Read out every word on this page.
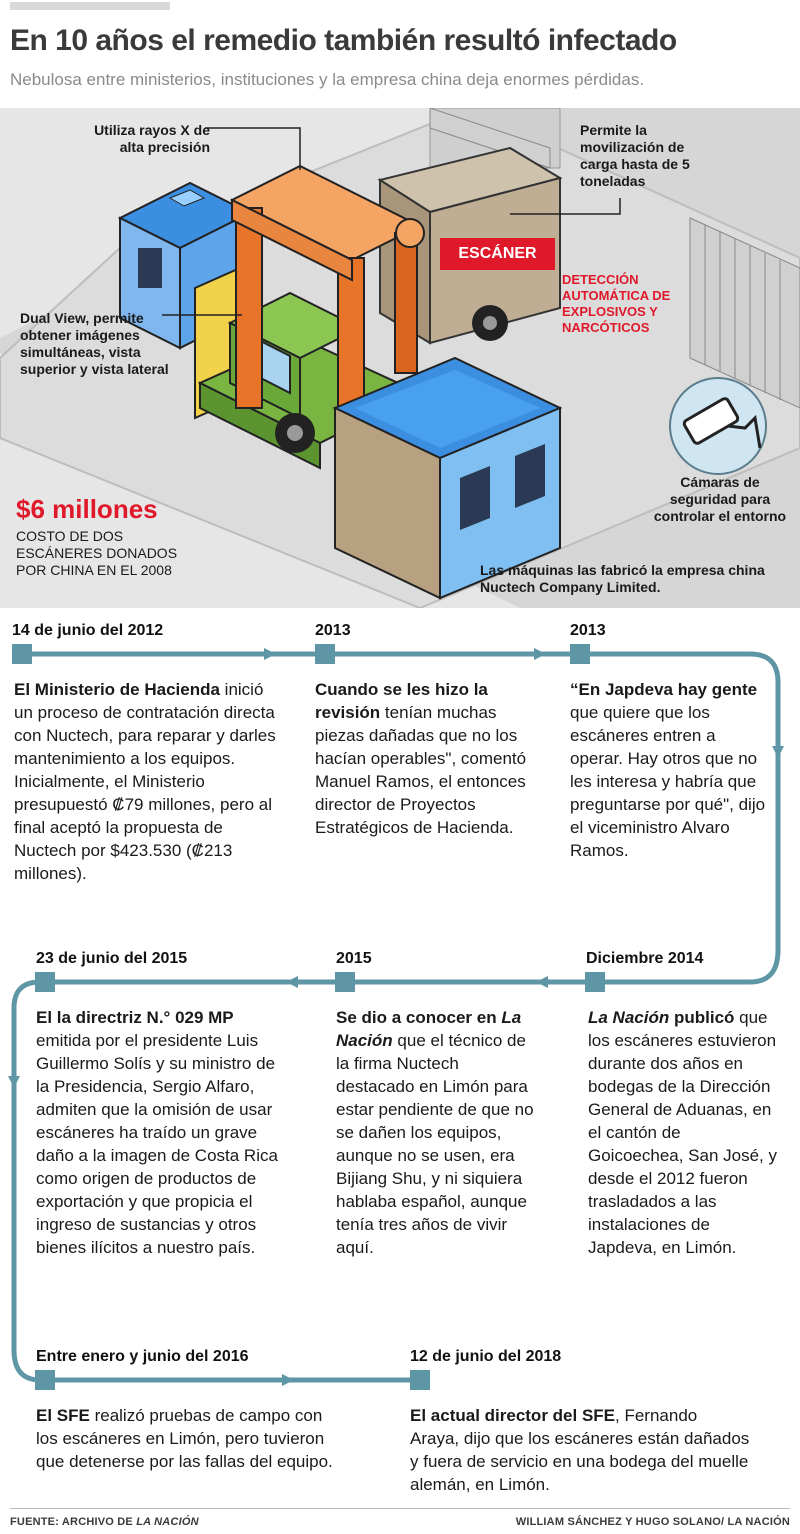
En 10 años el remedio también resultó infectado

Nebulosa entre ministerios, instituciones y la empresa china deja enormes pérdidas.

Utiliza rayos X de alta precisión
Permite la movilización de carga hasta de 5 toneladas
ESCÁNER
DETECCIÓN AUTOMÁTICA DE EXPLOSIVOS Y NARCÓTICOS
Dual View, permite obtener imágenes simultáneas, vista superior y vista lateral
Cámaras de seguridad para controlar el entorno
$6 millones
COSTO DE DOS ESCÁNERES DONADOS POR CHINA EN EL 2008	Las máquinas las fabricó la empresa china Nuctech Company Limited.
14 de junio del 2012	2013	2013
El Ministerio de Hacienda inició un proceso de contratación directa con Nuctech, para reparar y darles mantenimiento a los equipos. Inicialmente, el Ministerio presupuestó ₡79 millones, pero al final aceptó la propuesta de Nuctech por $423.530 (₡213 millones).
Cuando se les hizo la revisión tenían muchas piezas dañadas que no los hacían operables", comentó Manuel Ramos, el entonces director de Proyectos Estratégicos de Hacienda.
“En Japdeva hay gente que quiere que los escáneres entren a operar. Hay otros que no les interesa y habría que preguntarse por qué", dijo el viceministro Alvaro Ramos.
23 de junio del 2015	2015	Diciembre 2014
El la directriz N.° 029 MP emitida por el presidente Luis Guillermo Solís y su ministro de la Presidencia, Sergio Alfaro, admiten que la omisión de usar escáneres ha traído un grave daño a la imagen de Costa Rica como origen de productos de exportación y que propicia el ingreso de sustancias y otros bienes ilícitos a nuestro país.
Se dio a conocer en La Nación que el técnico de la firma Nuctech destacado en Limón para estar pendiente de que no se dañen los equipos, aunque no se usen, era Bijiang Shu, y ni siquiera hablaba español, aunque tenía tres años de vivir aquí.
La Nación publicó que los escáneres estuvieron durante dos años en bodegas de la Dirección General de Aduanas, en el cantón de Goicoechea, San José, y desde el 2012 fueron trasladados a las instalaciones de Japdeva, en Limón.
Entre enero y junio del 2016	12 de junio del 2018
El SFE realizó pruebas de campo con los escáneres en Limón, pero tuvieron que detenerse por las fallas del equipo.
El actual director del SFE, Fernando Araya, dijo que los escáneres están dañados y fuera de servicio en una bodega del muelle alemán, en Limón.
FUENTE: ARCHIVO DE LA NACIÓN	WILLIAM SÁNCHEZ Y HUGO SOLANO/ LA NACIÓN
